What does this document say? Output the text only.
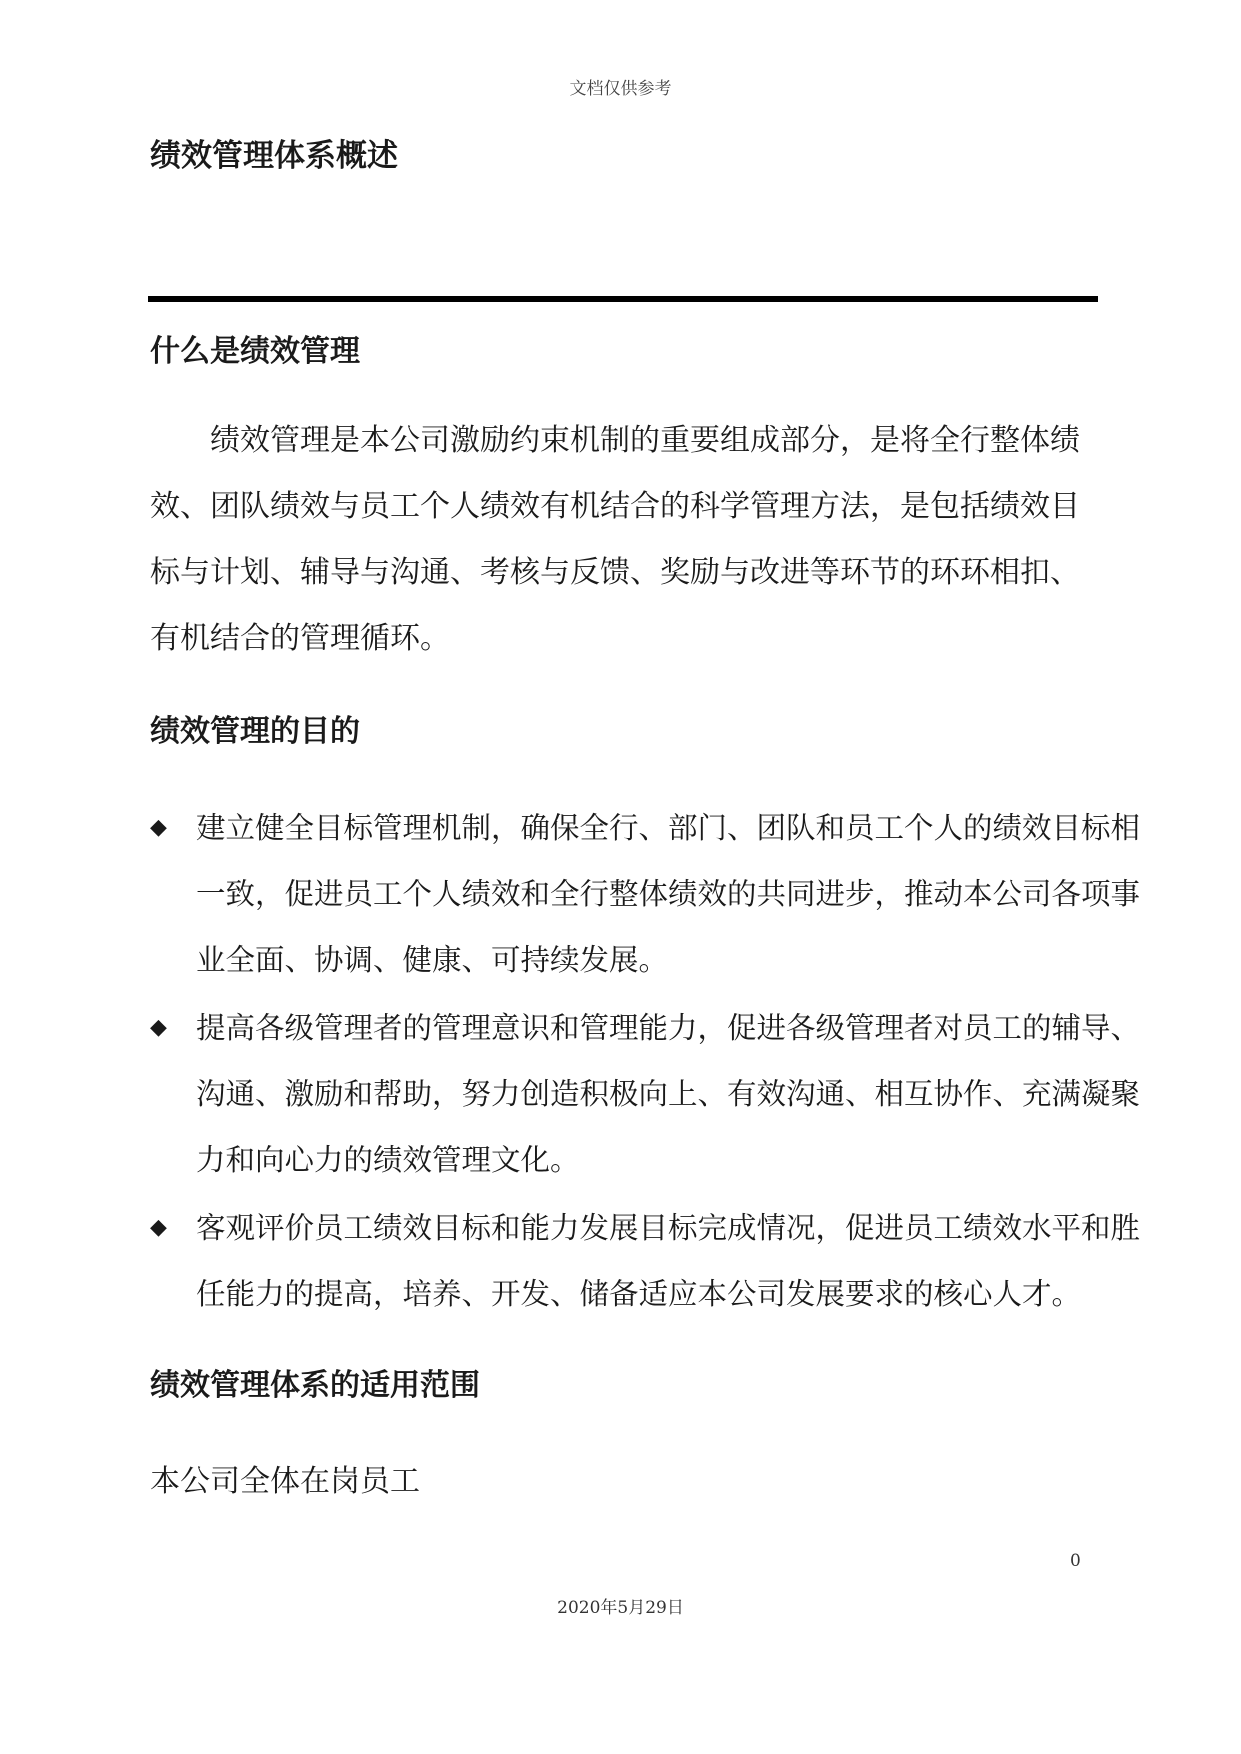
文档仅供参考
绩效管理体系概述
什么是绩效管理

绩效管理是本公司激励约束机制的重要组成部分，是将全行整体绩效、团队绩效与员工个人绩效有机结合的科学管理方法，是包括绩效目标与计划、辅导与沟通、考核与反馈、奖励与改进等环节的环环相扣、有机结合的管理循环。

绩效管理的目的
◆ 建立健全目标管理机制，确保全行、部门、团队和员工个人的绩效目标相一致，促进员工个人绩效和全行整体绩效的共同进步，推动本公司各项事业全面、协调、健康、可持续发展。
◆ 提高各级管理者的管理意识和管理能力，促进各级管理者对员工的辅导、沟通、激励和帮助，努力创造积极向上、有效沟通、相互协作、充满凝聚力和向心力的绩效管理文化。
◆ 客观评价员工绩效目标和能力发展目标完成情况，促进员工绩效水平和胜任能力的提高，培养、开发、储备适应本公司发展要求的核心人才。
绩效管理体系的适用范围

本公司全体在岗员工

0
2020年5月29日
